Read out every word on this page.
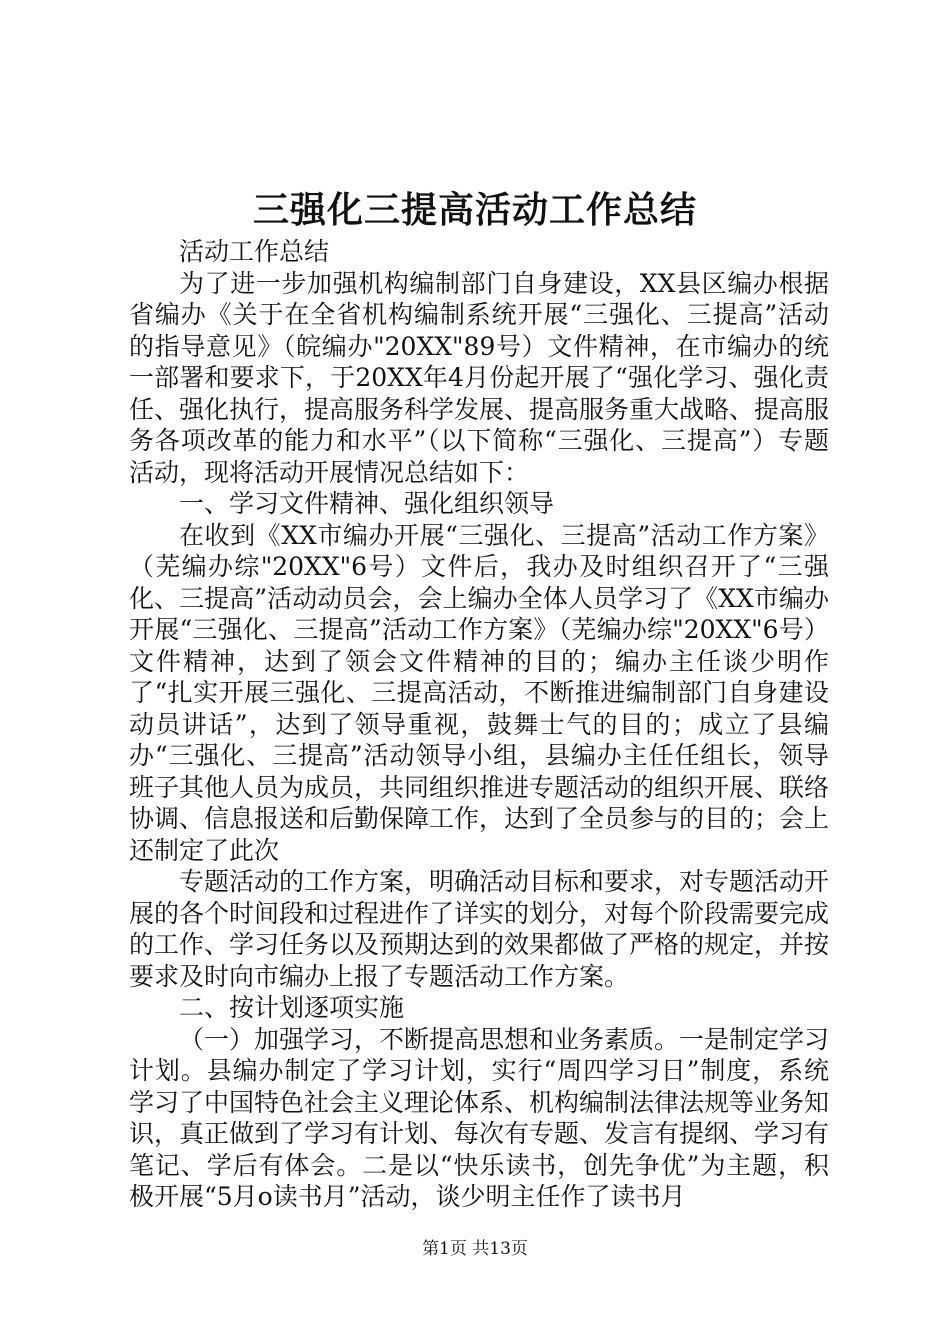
三强化三提高活动工作总结

活动工作总结

为了进一步加强机构编制部门自身建设，XX县区编办根据省编办《关于在全省机构编制系统开展“三强化、三提高”活动的指导意见》（皖编办"20XX"89号）文件精神，在市编办的统一部署和要求下，于20XX年4月份起开展了“强化学习、强化责任、强化执行，提高服务科学发展、提高服务重大战略、提高服务各项改革的能力和水平”（以下简称“三强化、三提高”）专题活动，现将活动开展情况总结如下：

一、学习文件精神、强化组织领导

在收到《XX市编办开展“三强化、三提高”活动工作方案》（芜编办综"20XX"6号）文件后，我办及时组织召开了“三强化、三提高”活动动员会，会上编办全体人员学习了《XX市编办开展“三强化、三提高”活动工作方案》（芜编办综"20XX"6号）文件精神，达到了领会文件精神的目的；编办主任谈少明作了“扎实开展三强化、三提高活动，不断推进编制部门自身建设动员讲话”，达到了领导重视，鼓舞士气的目的；成立了县编办“三强化、三提高”活动领导小组，县编办主任任组长，领导班子其他人员为成员，共同组织推进专题活动的组织开展、联络协调、信息报送和后勤保障工作，达到了全员参与的目的；会上还制定了此次

专题活动的工作方案，明确活动目标和要求，对专题活动开展的各个时间段和过程进作了详实的划分，对每个阶段需要完成的工作、学习任务以及预期达到的效果都做了严格的规定，并按要求及时向市编办上报了专题活动工作方案。

二、按计划逐项实施

（一）加强学习，不断提高思想和业务素质。一是制定学习计划。县编办制定了学习计划，实行“周四学习日”制度，系统学习了中国特色社会主义理论体系、机构编制法律法规等业务知识，真正做到了学习有计划、每次有专题、发言有提纲、学习有笔记、学后有体会。二是以“快乐读书，创先争优”为主题，积极开展“5月o读书月”活动，谈少明主任作了读书月

第1页 共13页
